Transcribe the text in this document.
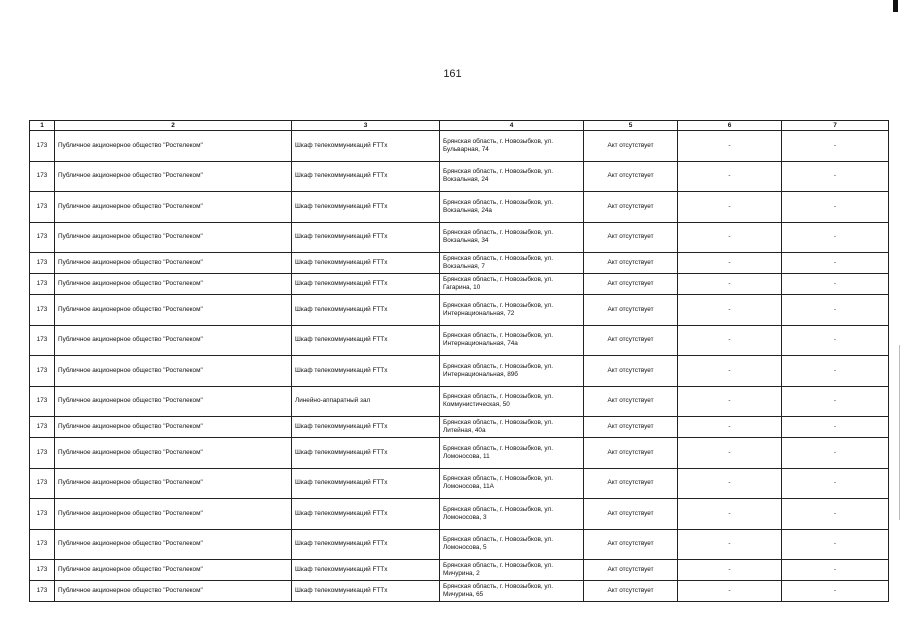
161
1	2	3	4	5	6	7
173	Публичное акционерное общество "Ростелеком"	Шкаф телекоммуникаций FTTx	Брянская область, г. Новозыбков, ул. Бульварная, 74	Акт отсутствует	-	-
173	Публичное акционерное общество "Ростелеком"	Шкаф телекоммуникаций FTTx	Брянская область, г. Новозыбков, ул. Вокзальная, 24	Акт отсутствует	-	-
173	Публичное акционерное общество "Ростелеком"	Шкаф телекоммуникаций FTTx	Брянская область, г. Новозыбков, ул. Вокзальная, 24а	Акт отсутствует	-	-
173	Публичное акционерное общество "Ростелеком"	Шкаф телекоммуникаций FTTx	Брянская область, г. Новозыбков, ул. Вокзальная, 34	Акт отсутствует	-	-
173	Публичное акционерное общество "Ростелеком"	Шкаф телекоммуникаций FTTx	Брянская область, г. Новозыбков, ул. Вокзальная, 7	Акт отсутствует	-	-
173	Публичное акционерное общество "Ростелеком"	Шкаф телекоммуникаций FTTx	Брянская область, г. Новозыбков, ул. Гагарина, 10	Акт отсутствует	-	-
173	Публичное акционерное общество "Ростелеком"	Шкаф телекоммуникаций FTTx	Брянская область, г. Новозыбков, ул. Интернациональная, 72	Акт отсутствует	-	-
173	Публичное акционерное общество "Ростелеком"	Шкаф телекоммуникаций FTTx	Брянская область, г. Новозыбков, ул. Интернациональная, 74а	Акт отсутствует	-	-
173	Публичное акционерное общество "Ростелеком"	Шкаф телекоммуникаций FTTx	Брянская область, г. Новозыбков, ул. Интернациональная, 89б	Акт отсутствует	-	-
173	Публичное акционерное общество "Ростелеком"	Линейно-аппаратный зал	Брянская область, г. Новозыбков, ул. Коммунистическая, 50	Акт отсутствует	-	-
173	Публичное акционерное общество "Ростелеком"	Шкаф телекоммуникаций FTTx	Брянская область, г. Новозыбков, ул. Литейная, 40а	Акт отсутствует	-	-
173	Публичное акционерное общество "Ростелеком"	Шкаф телекоммуникаций FTTx	Брянская область, г. Новозыбков, ул. Ломоносова, 11	Акт отсутствует	-	-
173	Публичное акционерное общество "Ростелеком"	Шкаф телекоммуникаций FTTx	Брянская область, г. Новозыбков, ул. Ломоносова, 11А	Акт отсутствует	-	-
173	Публичное акционерное общество "Ростелеком"	Шкаф телекоммуникаций FTTx	Брянская область, г. Новозыбков, ул. Ломоносова, 3	Акт отсутствует	-	-
173	Публичное акционерное общество "Ростелеком"	Шкаф телекоммуникаций FTTx	Брянская область, г. Новозыбков, ул. Ломоносова, 5	Акт отсутствует	-	-
173	Публичное акционерное общество "Ростелеком"	Шкаф телекоммуникаций FTTx	Брянская область, г. Новозыбков, ул. Мичурина, 2	Акт отсутствует	-	-
173	Публичное акционерное общество "Ростелеком"	Шкаф телекоммуникаций FTTx	Брянская область, г. Новозыбков, ул. Мичурина, 65	Акт отсутствует	-	-
